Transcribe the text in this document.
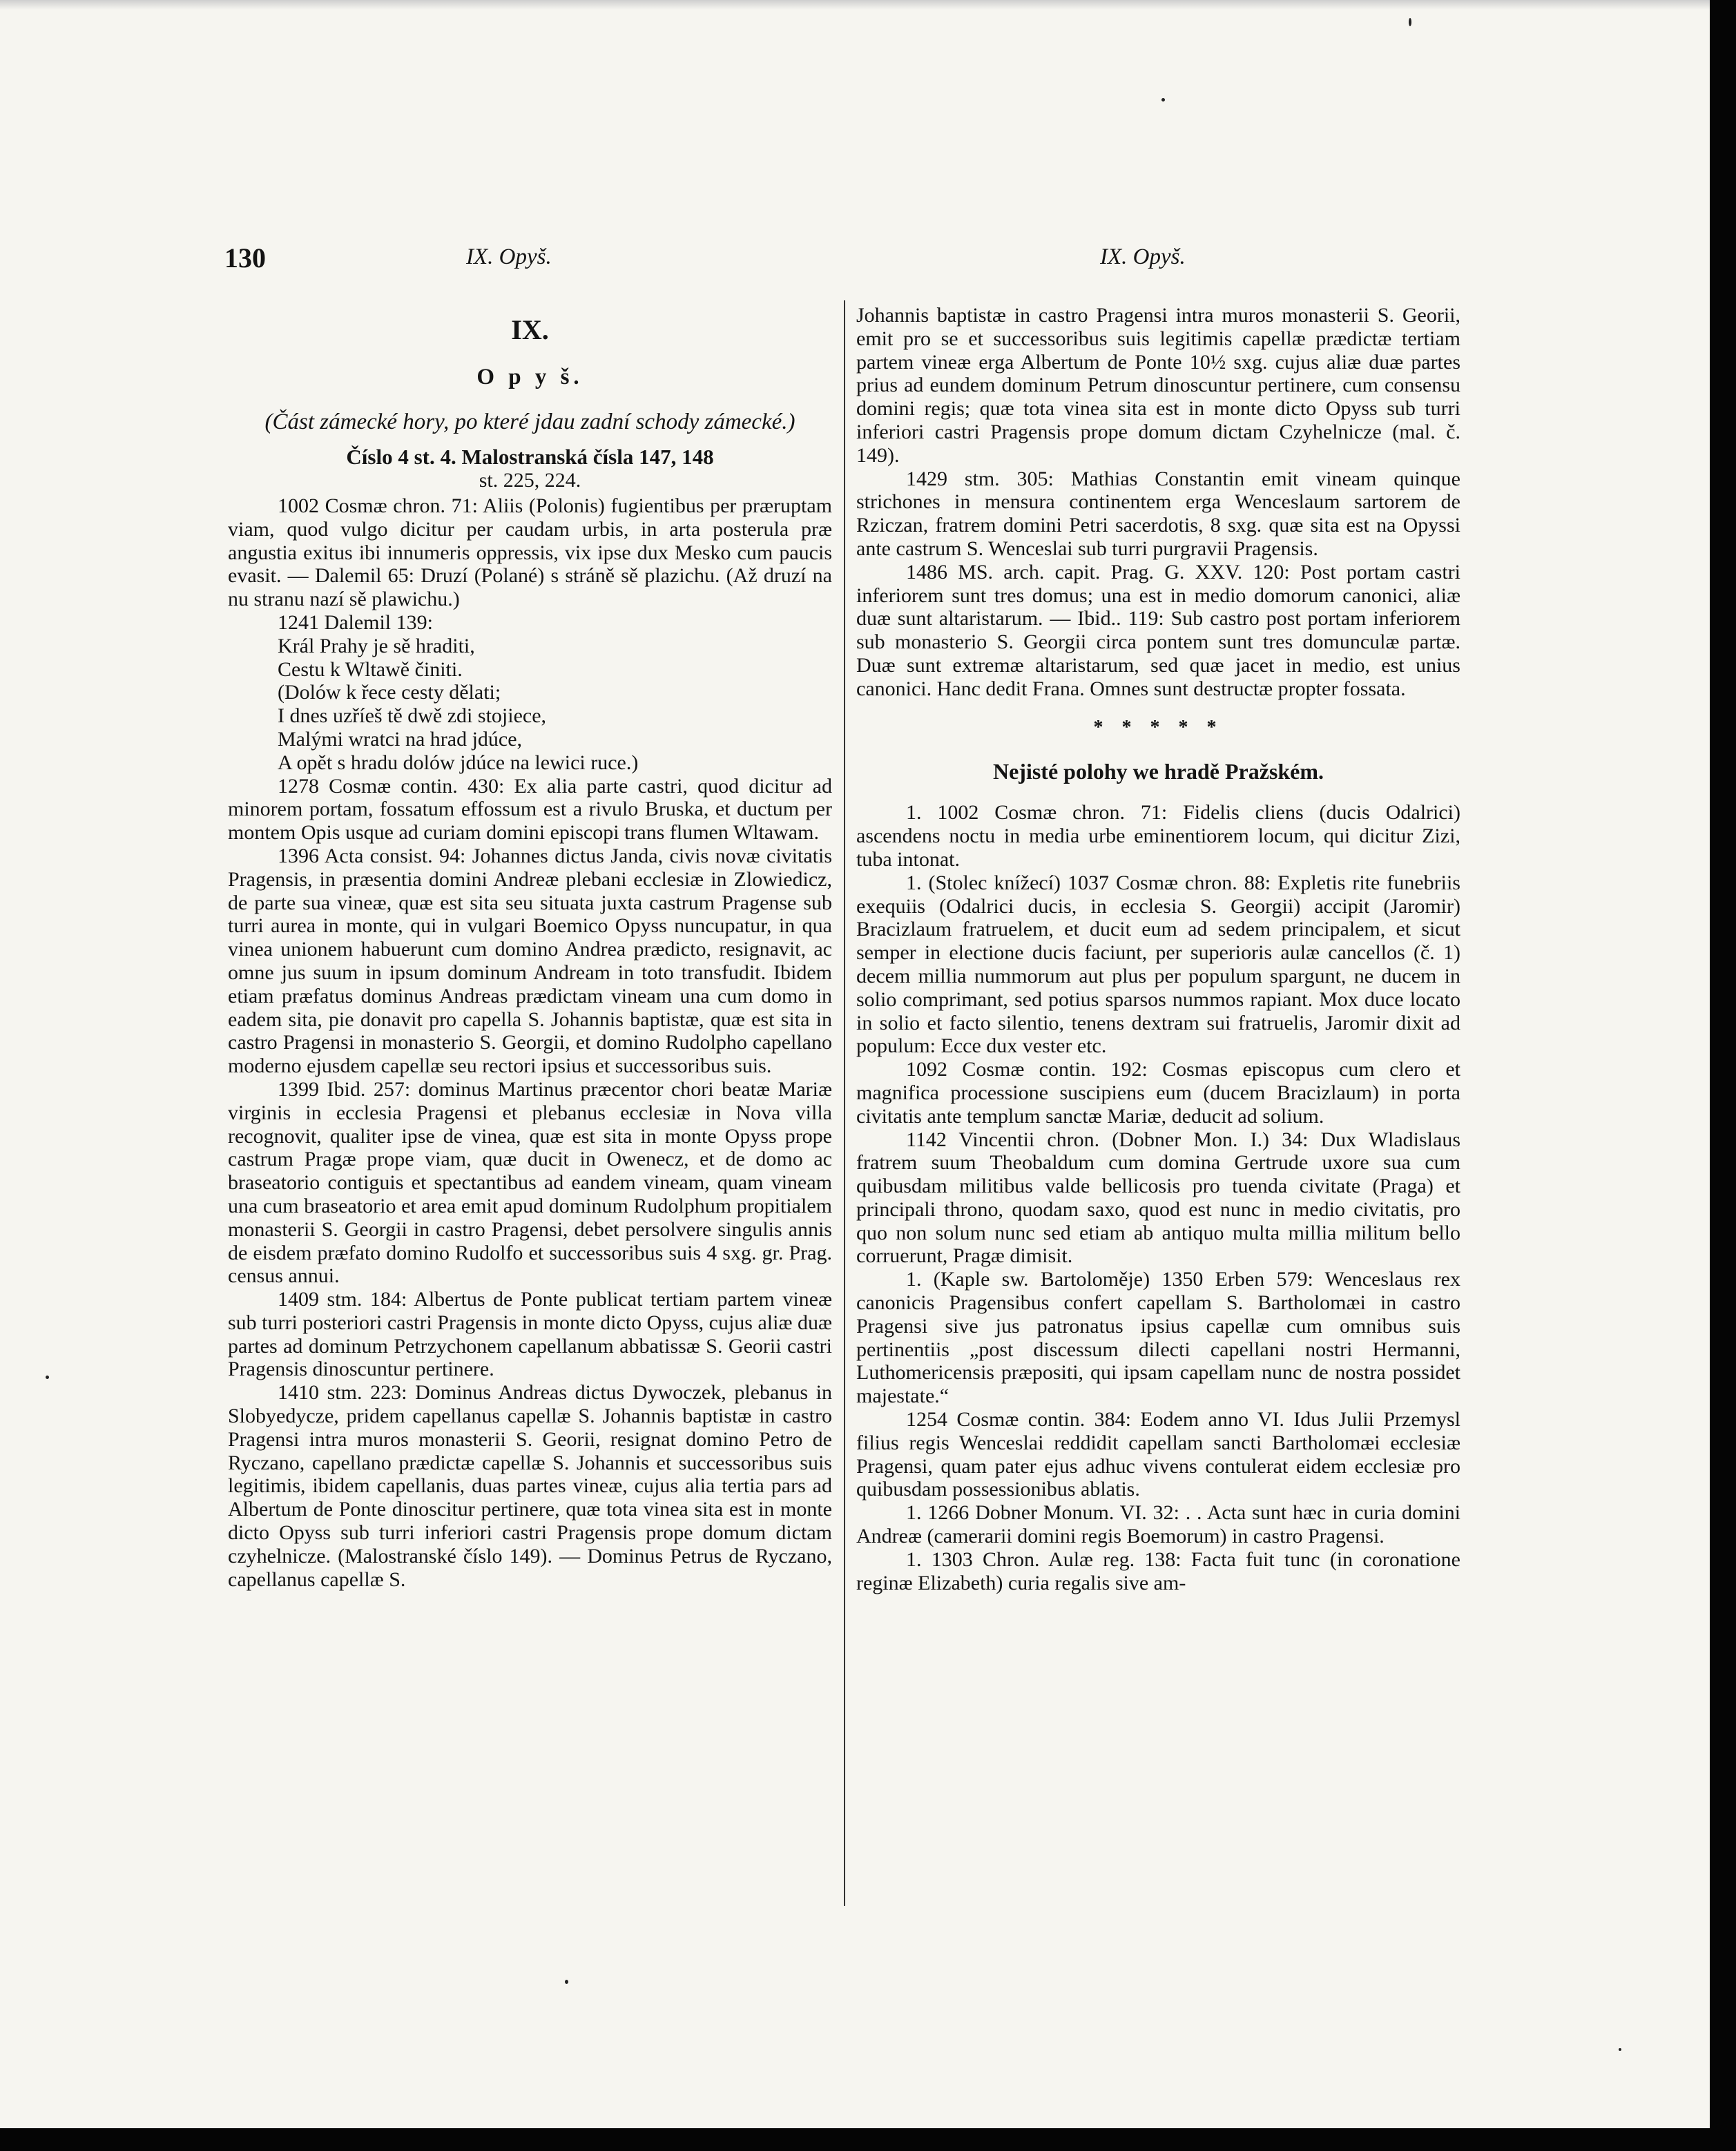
130	IX. Opyš.	IX. Opyš.
IX.
O p y š.
(Část zámecké hory, po které jdau zadní schody zámecké.)
Číslo 4 st. 4. Malostranská čísla 147, 148
st. 225, 224.

1002 Cosmæ chron. 71: Aliis (Polonis) fugientibus per præruptam viam, quod vulgo dicitur per caudam urbis, in arta posterula præ angustia exitus ibi innumeris oppressis, vix ipse dux Mesko cum paucis evasit. — Dalemil 65: Druzí (Polané) s stráně sě plazichu. (Až druzí na nu stranu nazí sě plawichu.)

1241 Dalemil 139:

Král Prahy je sě hraditi,
Cestu k Wltawě činiti.
(Dolów k řece cesty dělati;
I dnes uzříeš tě dwě zdi stojiece,
Malými wratci na hrad jdúce,
A opět s hradu dolów jdúce na lewici ruce.)

1278 Cosmæ contin. 430: Ex alia parte castri, quod dicitur ad minorem portam, fossatum effossum est a rivulo Bruska, et ductum per montem Opis usque ad curiam domini episcopi trans flumen Wltawam.

1396 Acta consist. 94: Johannes dictus Janda, civis novæ civitatis Pragensis, in præsentia domini Andreæ plebani ecclesiæ in Zlowiedicz, de parte sua vineæ, quæ est sita seu situata juxta castrum Pragense sub turri aurea in monte, qui in vulgari Boemico Opyss nuncupatur, in qua vinea unionem habuerunt cum domino Andrea prædicto, resignavit, ac omne jus suum in ipsum dominum Andream in toto transfudit. Ibidem etiam præfatus dominus Andreas prædictam vineam una cum domo in eadem sita, pie donavit pro capella S. Johannis baptistæ, quæ est sita in castro Pragensi in monasterio S. Georgii, et domino Rudolpho capellano moderno ejusdem capellæ seu rectori ipsius et successoribus suis.

1399 Ibid. 257: dominus Martinus præcentor chori beatæ Mariæ virginis in ecclesia Pragensi et plebanus ecclesiæ in Nova villa recognovit, qualiter ipse de vinea, quæ est sita in monte Opyss prope castrum Pragæ prope viam, quæ ducit in Owenecz, et de domo ac braseatorio contiguis et spectantibus ad eandem vineam, quam vineam una cum braseatorio et area emit apud dominum Rudolphum propitialem monasterii S. Georgii in castro Pragensi, debet persolvere singulis annis de eisdem præfato domino Rudolfo et successoribus suis 4 sxg. gr. Prag. census annui.

1409 stm. 184: Albertus de Ponte publicat tertiam partem vineæ sub turri posteriori castri Pragensis in monte dicto Opyss, cujus aliæ duæ partes ad dominum Petrzychonem capellanum abbatissæ S. Georii castri Pragensis dinoscuntur pertinere.

1410 stm. 223: Dominus Andreas dictus Dywoczek, plebanus in Slobyedycze, pridem capellanus capellæ S. Johannis baptistæ in castro Pragensi intra muros monasterii S. Georii, resignat domino Petro de Ryczano, capellano prædictæ capellæ S. Johannis et successoribus suis legitimis, ibidem capellanis, duas partes vineæ, cujus alia tertia pars ad Albertum de Ponte dinoscitur pertinere, quæ tota vinea sita est in monte dicto Opyss sub turri inferiori castri Pragensis prope domum dictam czyhelnicze. (Malostranské číslo 149). — Dominus Petrus de Ryczano, capellanus capellæ S.

Johannis baptistæ in castro Pragensi intra muros monasterii S. Georii, emit pro se et successoribus suis legitimis capellæ prædictæ tertiam partem vineæ erga Albertum de Ponte 10½ sxg. cujus aliæ duæ partes prius ad eundem dominum Petrum dinoscuntur pertinere, cum consensu domini regis; quæ tota vinea sita est in monte dicto Opyss sub turri inferiori castri Pragensis prope domum dictam Czyhelnicze (mal. č. 149).

1429 stm. 305: Mathias Constantin emit vineam quinque strichones in mensura continentem erga Wenceslaum sartorem de Rziczan, fratrem domini Petri sacerdotis, 8 sxg. quæ sita est na Opyssi ante castrum S. Wenceslai sub turri purgravii Pragensis.

1486 MS. arch. capit. Prag. G. XXV. 120: Post portam castri inferiorem sunt tres domus; una est in medio domorum canonici, aliæ duæ sunt altaristarum. — Ibid.. 119: Sub castro post portam inferiorem sub monasterio S. Georgii circa pontem sunt tres domunculæ partæ. Duæ sunt extremæ altaristarum, sed quæ jacet in medio, est unius canonici. Hanc dedit Frana. Omnes sunt destructæ propter fossata.

* * * * *
Nejisté polohy we hradě Pražském.

1. 1002 Cosmæ chron. 71: Fidelis cliens (ducis Odalrici) ascendens noctu in media urbe eminentiorem locum, qui dicitur Zizi, tuba intonat.

1. (Stolec knížecí) 1037 Cosmæ chron. 88: Expletis rite funebriis exequiis (Odalrici ducis, in ecclesia S. Georgii) accipit (Jaromir) Bracizlaum fratruelem, et ducit eum ad sedem principalem, et sicut semper in electione ducis faciunt, per superioris aulæ cancellos (č. 1) decem millia nummorum aut plus per populum spargunt, ne ducem in solio comprimant, sed potius sparsos nummos rapiant. Mox duce locato in solio et facto silentio, tenens dextram sui fratruelis, Jaromir dixit ad populum: Ecce dux vester etc.

1092 Cosmæ contin. 192: Cosmas episcopus cum clero et magnifica processione suscipiens eum (ducem Bracizlaum) in porta civitatis ante templum sanctæ Mariæ, deducit ad solium.

1142 Vincentii chron. (Dobner Mon. I.) 34: Dux Wladislaus fratrem suum Theobaldum cum domina Gertrude uxore sua cum quibusdam militibus valde bellicosis pro tuenda civitate (Praga) et principali throno, quodam saxo, quod est nunc in medio civitatis, pro quo non solum nunc sed etiam ab antiquo multa millia militum bello corruerunt, Pragæ dimisit.

1. (Kaple sw. Bartoloměje) 1350 Erben 579: Wenceslaus rex canonicis Pragensibus confert capellam S. Bartholomæi in castro Pragensi sive jus patronatus ipsius capellæ cum omnibus suis pertinentiis „post discessum dilecti capellani nostri Hermanni, Luthomericensis præpositi, qui ipsam capellam nunc de nostra possidet majestate.“

1254 Cosmæ contin. 384: Eodem anno VI. Idus Julii Przemysl filius regis Wenceslai reddidit capellam sancti Bartholomæi ecclesiæ Pragensi, quam pater ejus adhuc vivens contulerat eidem ecclesiæ pro quibusdam possessionibus ablatis.

1. 1266 Dobner Monum. VI. 32: . . Acta sunt hæc in curia domini Andreæ (camerarii domini regis Boemorum) in castro Pragensi.

1. 1303 Chron. Aulæ reg. 138: Facta fuit tunc (in coronatione reginæ Elizabeth) curia regalis sive am-
